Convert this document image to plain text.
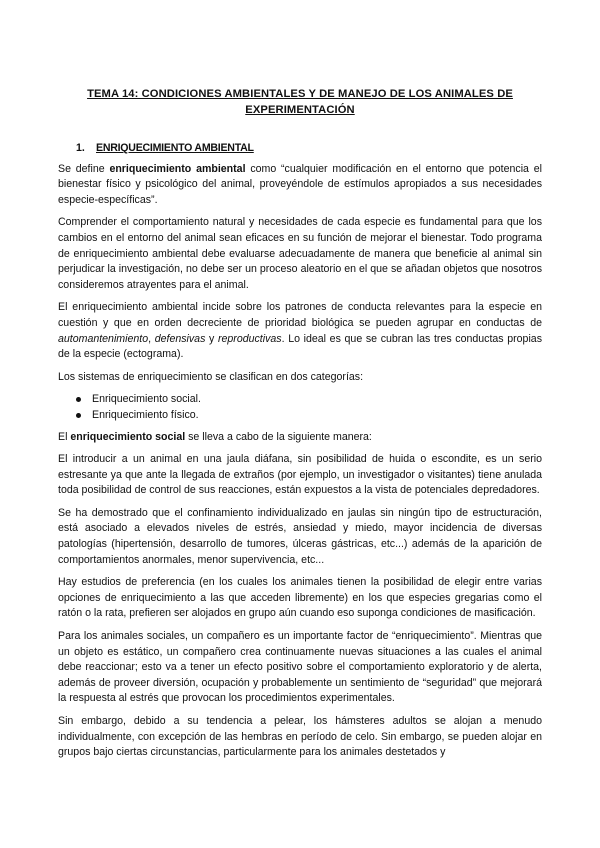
TEMA 14: CONDICIONES AMBIENTALES Y DE MANEJO DE LOS ANIMALES DE EXPERIMENTACIÓN
1. ENRIQUECIMIENTO AMBIENTAL

Se define enriquecimiento ambiental como “cualquier modificación en el entorno que potencia el bienestar físico y psicológico del animal, proveyéndole de estímulos apropiados a sus necesidades especie-específicas”.

Comprender el comportamiento natural y necesidades de cada especie es fundamental para que los cambios en el entorno del animal sean eficaces en su función de mejorar el bienestar. Todo programa de enriquecimiento ambiental debe evaluarse adecuadamente de manera que beneficie al animal sin perjudicar la investigación, no debe ser un proceso aleatorio en el que se añadan objetos que nosotros consideremos atrayentes para el animal.

El enriquecimiento ambiental incide sobre los patrones de conducta relevantes para la especie en cuestión y que en orden decreciente de prioridad biológica se pueden agrupar en conductas de automantenimiento, defensivas y reproductivas. Lo ideal es que se cubran las tres conductas propias de la especie (ectograma).

Los sistemas de enriquecimiento se clasifican en dos categorías:

Enriquecimiento social.
Enriquecimiento físico.

El enriquecimiento social se lleva a cabo de la siguiente manera:

El introducir a un animal en una jaula diáfana, sin posibilidad de huida o escondite, es un serio estresante ya que ante la llegada de extraños (por ejemplo, un investigador o visitantes) tiene anulada toda posibilidad de control de sus reacciones, están expuestos a la vista de potenciales depredadores.

Se ha demostrado que el confinamiento individualizado en jaulas sin ningún tipo de estructuración, está asociado a elevados niveles de estrés, ansiedad y miedo, mayor incidencia de diversas patologías (hipertensión, desarrollo de tumores, úlceras gástricas, etc...) además de la aparición de comportamientos anormales, menor supervivencia, etc...

Hay estudios de preferencia (en los cuales los animales tienen la posibilidad de elegir entre varias opciones de enriquecimiento a las que acceden libremente) en los que especies gregarias como el ratón o la rata, prefieren ser alojados en grupo aún cuando eso suponga condiciones de masificación.

Para los animales sociales, un compañero es un importante factor de “enriquecimiento”. Mientras que un objeto es estático, un compañero crea continuamente nuevas situaciones a las cuales el animal debe reaccionar; esto va a tener un efecto positivo sobre el comportamiento exploratorio y de alerta, además de proveer diversión, ocupación y probablemente un sentimiento de “seguridad” que mejorará la respuesta al estrés que provocan los procedimientos experimentales.

Sin embargo, debido a su tendencia a pelear, los hámsteres adultos se alojan a menudo individualmente, con excepción de las hembras en período de celo. Sin embargo, se pueden alojar en grupos bajo ciertas circunstancias, particularmente para los animales destetados y
